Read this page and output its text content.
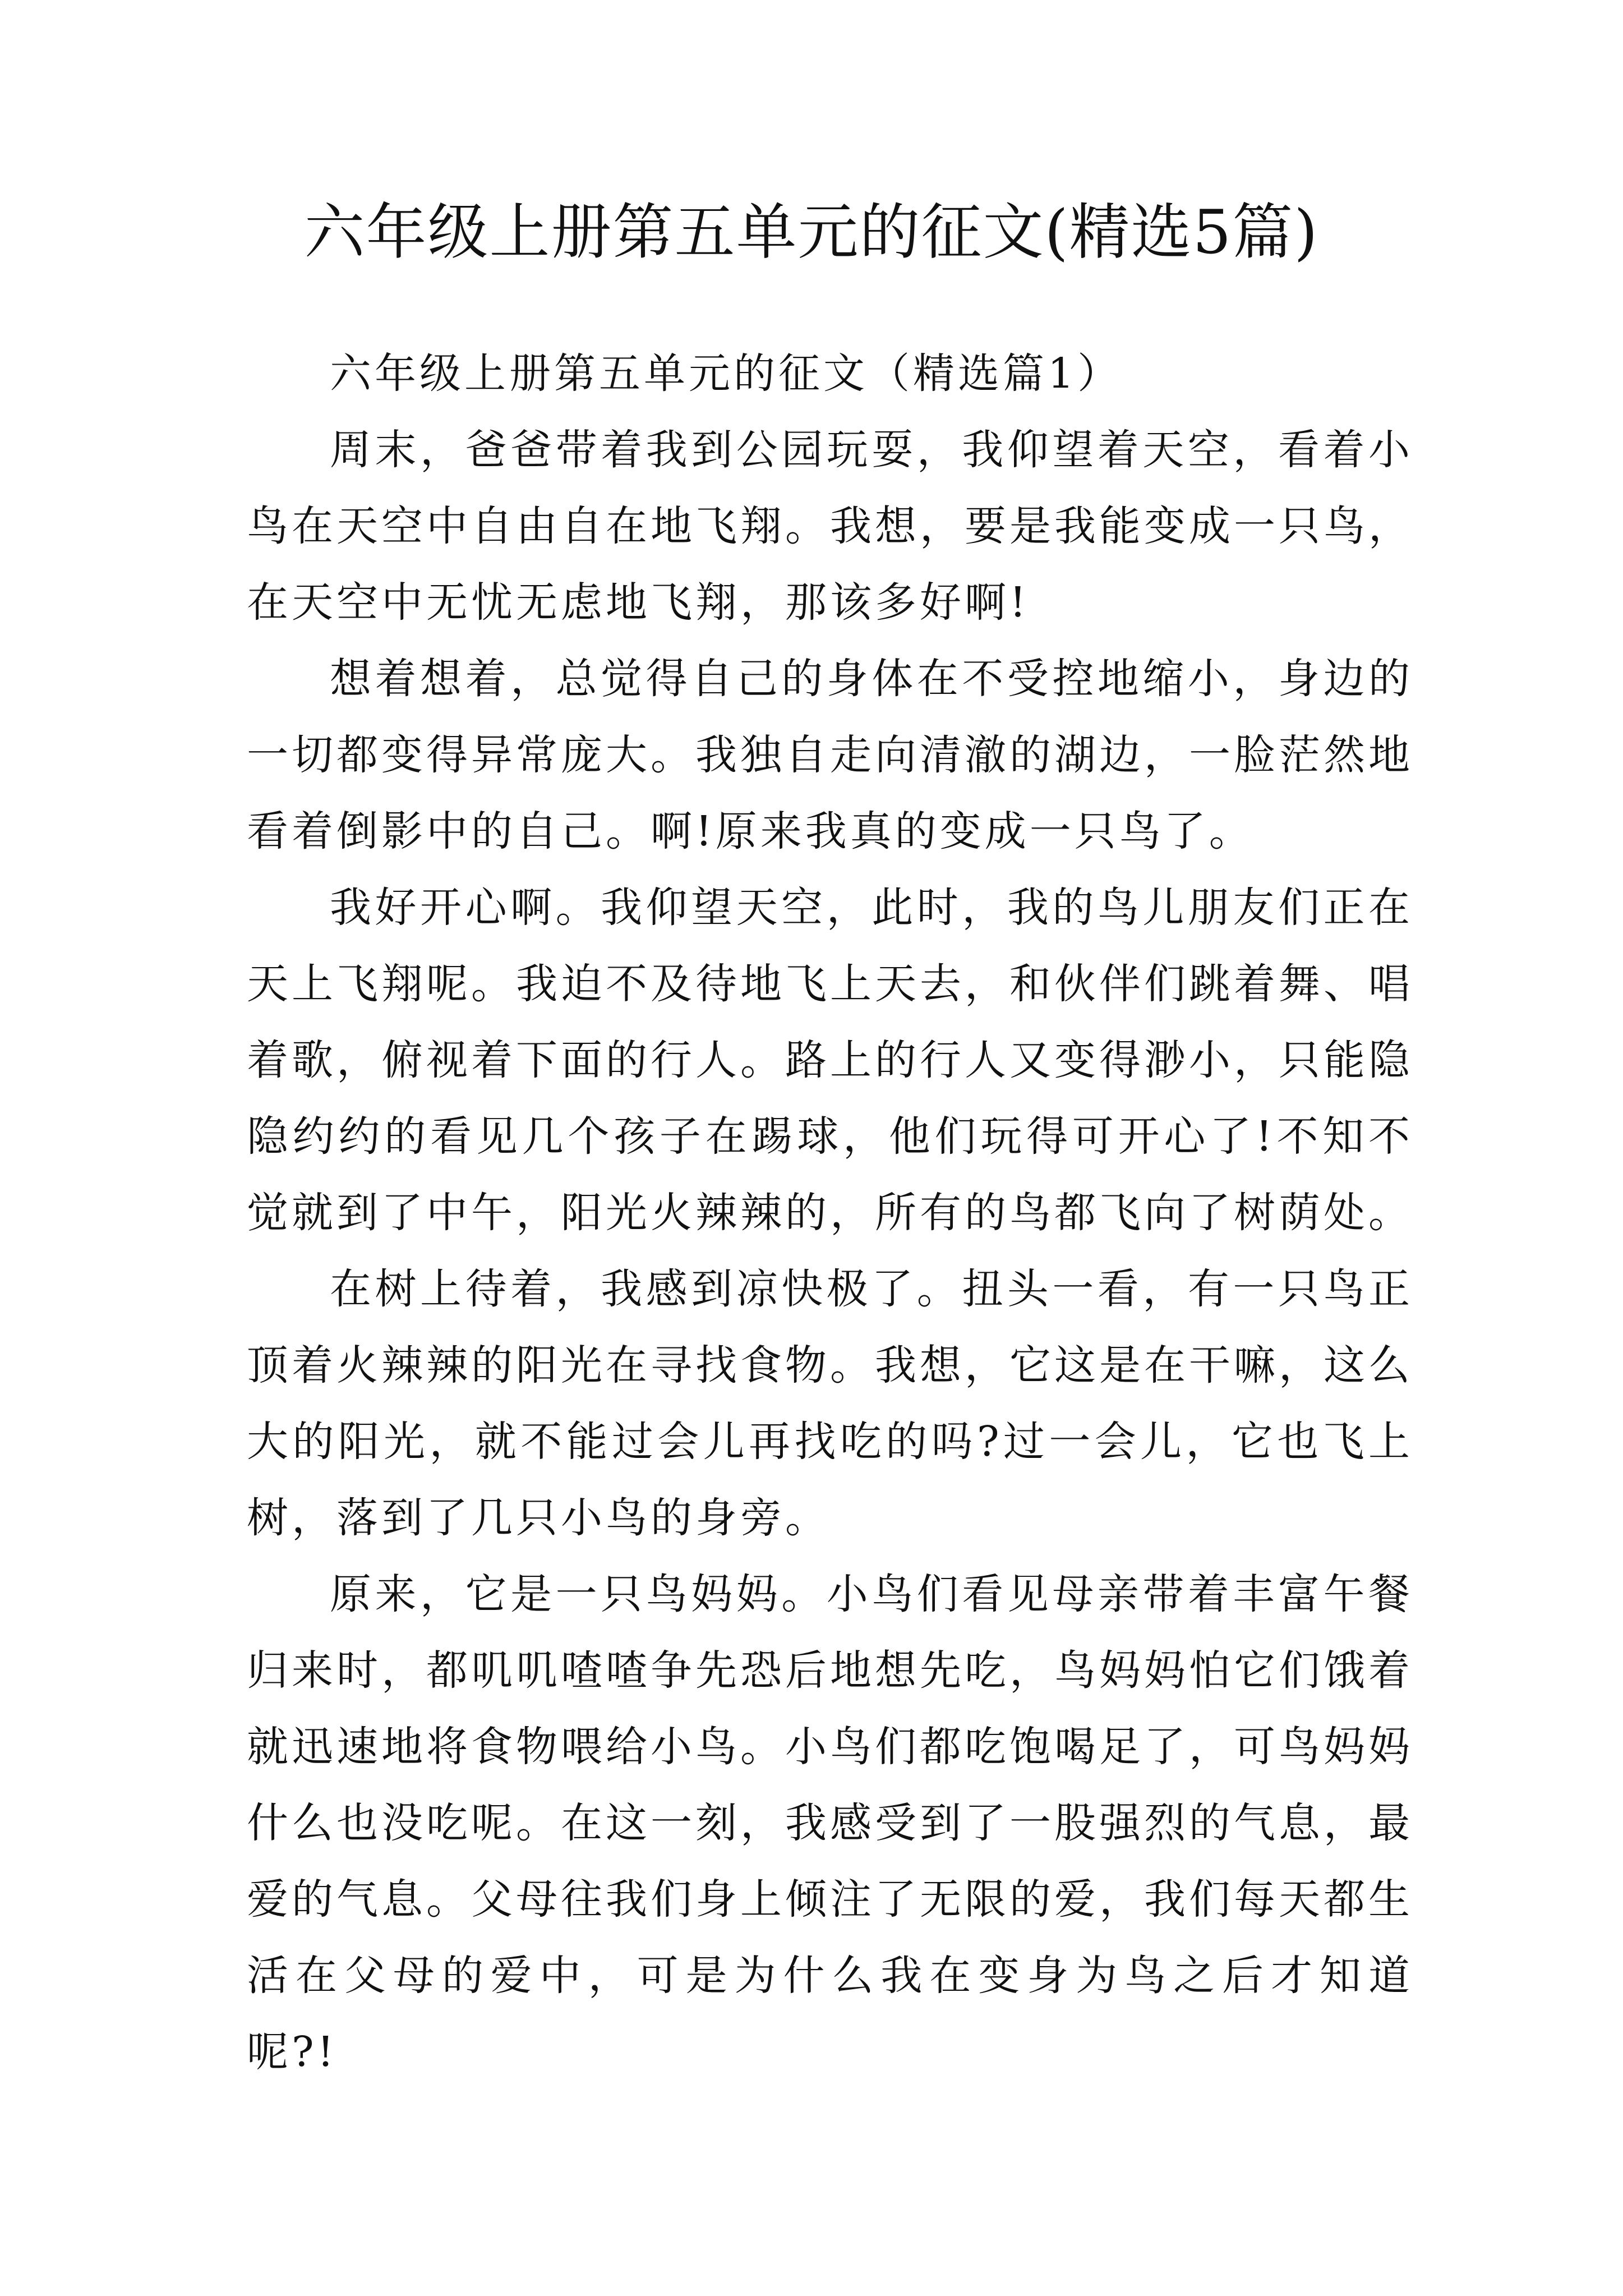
六年级上册第五单元的征文(精选5篇)
六年级上册第五单元的征文（精选篇1）

周末，爸爸带着我到公园玩耍，我仰望着天空，看着小鸟在天空中自由自在地飞翔。我想，要是我能变成一只鸟，在天空中无忧无虑地飞翔，那该多好啊!

想着想着，总觉得自己的身体在不受控地缩小，身边的一切都变得异常庞大。我独自走向清澈的湖边，一脸茫然地看着倒影中的自己。啊!原来我真的变成一只鸟了。

我好开心啊。我仰望天空，此时，我的鸟儿朋友们正在天上飞翔呢。我迫不及待地飞上天去，和伙伴们跳着舞、唱着歌，俯视着下面的行人。路上的行人又变得渺小，只能隐隐约约的看见几个孩子在踢球，他们玩得可开心了!不知不觉就到了中午，阳光火辣辣的，所有的鸟都飞向了树荫处。

在树上待着，我感到凉快极了。扭头一看，有一只鸟正顶着火辣辣的阳光在寻找食物。我想，它这是在干嘛，这么大的阳光，就不能过会儿再找吃的吗?过一会儿，它也飞上树，落到了几只小鸟的身旁。

原来，它是一只鸟妈妈。小鸟们看见母亲带着丰富午餐归来时，都叽叽喳喳争先恐后地想先吃，鸟妈妈怕它们饿着就迅速地将食物喂给小鸟。小鸟们都吃饱喝足了，可鸟妈妈什么也没吃呢。在这一刻，我感受到了一股强烈的气息，最爱的气息。父母往我们身上倾注了无限的爱，我们每天都生活在父母的爱中，可是为什么我在变身为鸟之后才知道呢?!
